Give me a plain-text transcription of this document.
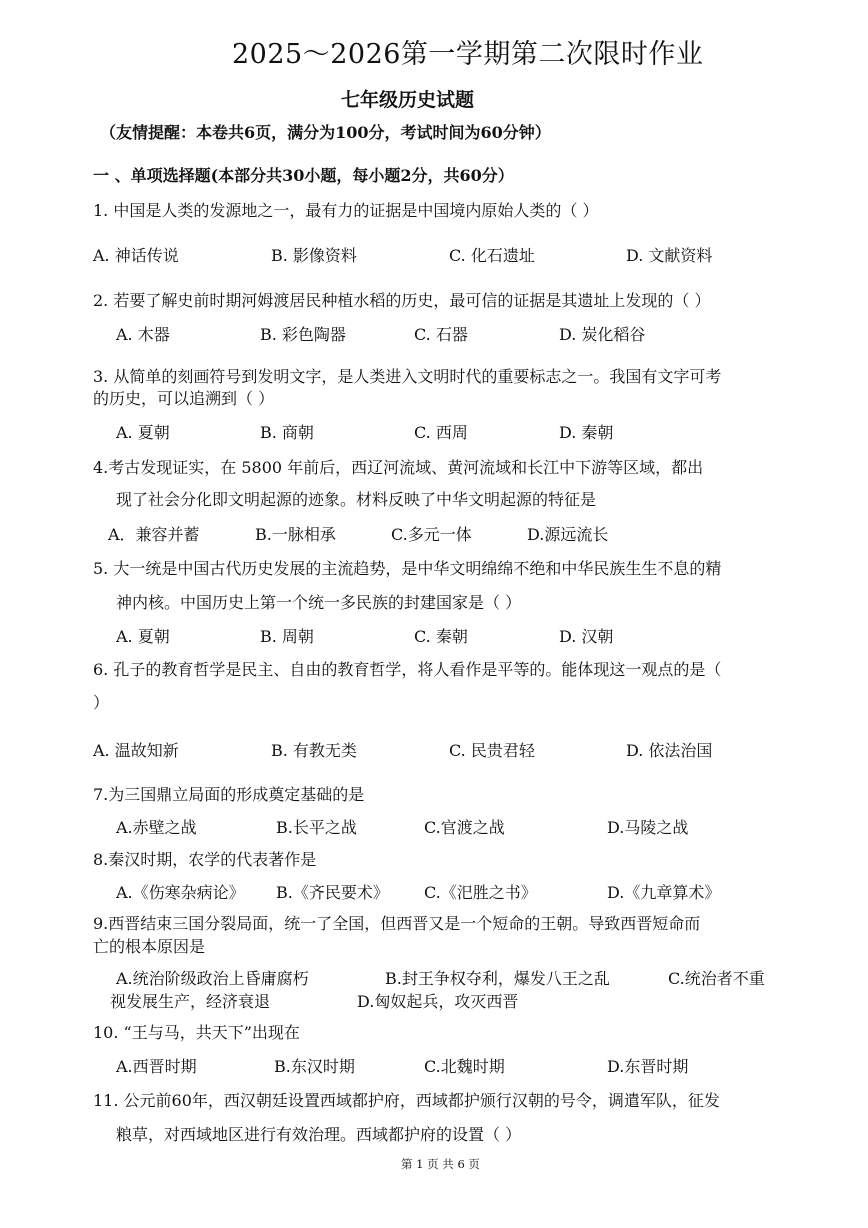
2025～2026第一学期第二次限时作业
七年级历史试题
（友情提醒：本卷共6页，满分为100分，考试时间为60分钟）
一 、单项选择题(本部分共30小题，每小题2分，共60分）
1. 中国是人类的发源地之一，最有力的证据是中国境内原始人类的（ ）
A. 神话传说	B. 影像资料	C. 化石遗址	D. 文献资料
2. 若要了解史前时期河姆渡居民种植水稻的历史，最可信的证据是其遗址上发现的（ ）
A. 木器	B. 彩色陶器	C. 石器	D. 炭化稻谷
3. 从简单的刻画符号到发明文字，是人类进入文明时代的重要标志之一。我国有文字可考
的历史，可以追溯到（ ）
A. 夏朝	B. 商朝	C. 西周	D. 秦朝
4.考古发现证实，在 5800 年前后，西辽河流域、黄河流域和长江中下游等区域，都出
现了社会分化即文明起源的迹象。材料反映了中华文明起源的特征是
A．兼容并蓄	B.一脉相承	C.多元一体	D.源远流长
5. 大一统是中国古代历史发展的主流趋势，是中华文明绵绵不绝和中华民族生生不息的精
神内核。中国历史上第一个统一多民族的封建国家是（ ）
A. 夏朝	B. 周朝	C. 秦朝	D. 汉朝
6. 孔子的教育哲学是民主、自由的教育哲学，将人看作是平等的。能体现这一观点的是（
）
A. 温故知新	B. 有教无类	C. 民贵君轻	D. 依法治国
7.为三国鼎立局面的形成奠定基础的是
A.赤壁之战	B.长平之战	C.官渡之战	D.马陵之战
8.秦汉时期，农学的代表著作是
A.《伤寒杂病论》 B.《齐民要术》 C.《汜胜之书》	D.《九章算术》
9.西晋结束三国分裂局面，统一了全国，但西晋又是一个短命的王朝。导致西晋短命而
亡的根本原因是
A.统治阶级政治上昏庸腐朽	B.封王争权夺利，爆发八王之乱	C.统治者不重
视发展生产，经济衰退	D.匈奴起兵，攻灭西晋
10. “王与马，共天下”出现在
A.西晋时期	B.东汉时期	C.北魏时期	D.东晋时期
11. 公元前60年，西汉朝廷设置西域都护府，西域都护颁行汉朝的号令，调遣军队，征发
粮草，对西域地区进行有效治理。西域都护府的设置（ ）
第 1 页 共 6 页
